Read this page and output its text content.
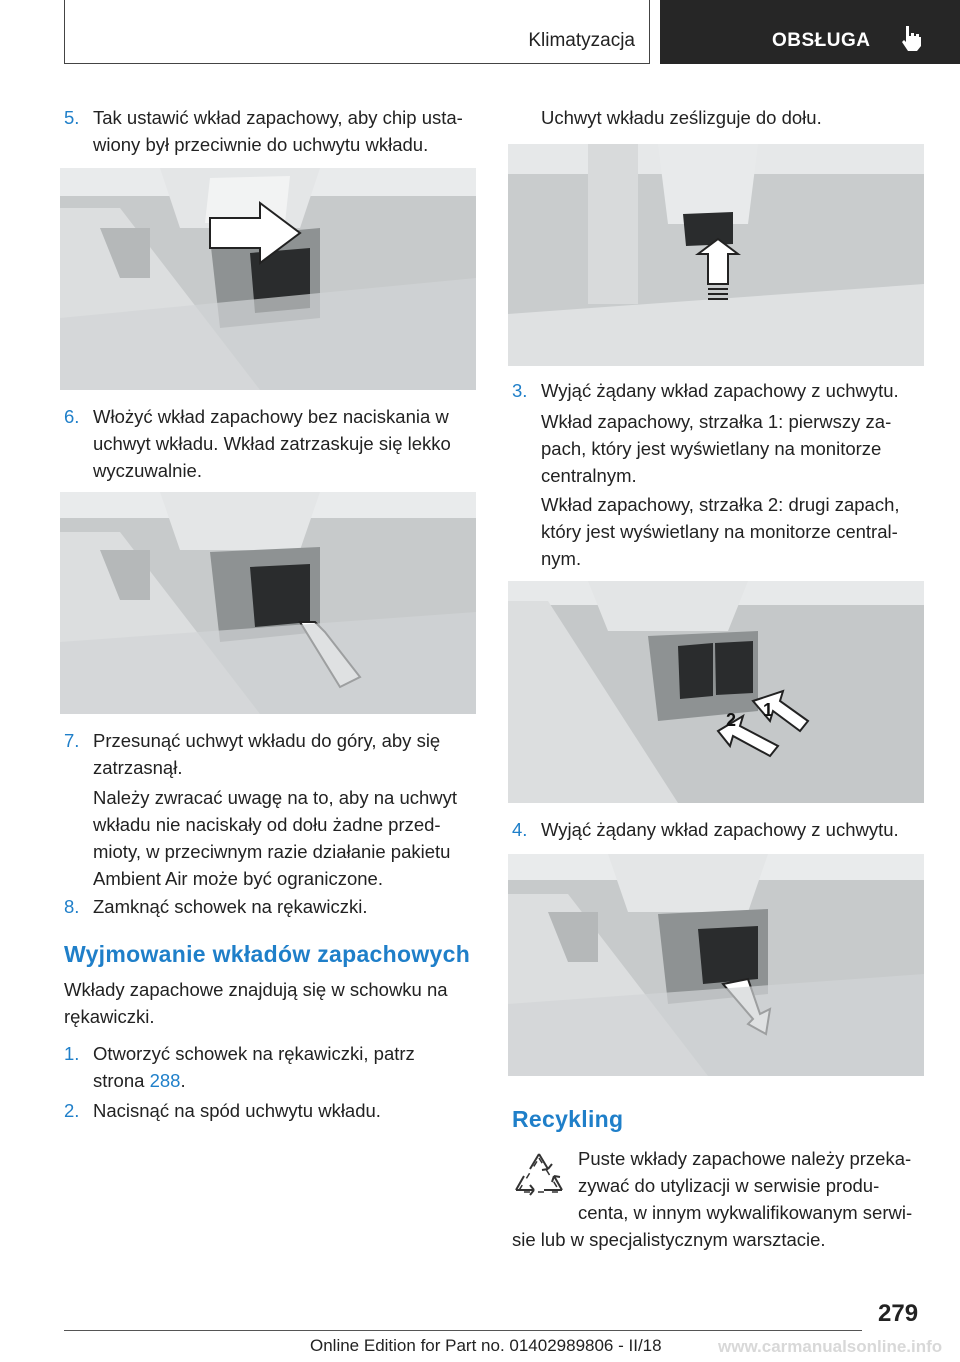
Klimatyzacja	OBSŁUGA
5. Tak ustawić wkład zapachowy, aby chip usta-
wiony był przeciwnie do uchwytu wkładu.
6. Włożyć wkład zapachowy bez naciskania w
uchwyt wkładu. Wkład zatrzaskuje się lekko
wyczuwalnie.
7. Przesunąć uchwyt wkładu do góry, aby się
zatrzasnął.
Należy zwracać uwagę na to, aby na uchwyt
wkładu nie naciskały od dołu żadne przed-
mioty, w przeciwnym razie działanie pakietu
Ambient Air może być ograniczone.
8. Zamknąć schowek na rękawiczki.
Wyjmowanie wkładów zapachowych
Wkłady zapachowe znajdują się w schowku na
rękawiczki.
1. Otworzyć schowek na rękawiczki, patrz
strona 288.
2. Nacisnąć na spód uchwytu wkładu.
Uchwyt wkładu ześlizguje do dołu.
3. Wyjąć żądany wkład zapachowy z uchwytu.
Wkład zapachowy, strzałka 1: pierwszy za-
pach, który jest wyświetlany na monitorze
centralnym.
Wkład zapachowy, strzałka 2: drugi zapach,
który jest wyświetlany na monitorze central-
nym.
2 1
4. Wyjąć żądany wkład zapachowy z uchwytu.
Recykling
Puste wkłady zapachowe należy przeka-
zywać do utylizacji w serwisie produ-
centa, w innym wykwalifikowanym serwi-
sie lub w specjalistycznym warsztacie.
279
Online Edition for Part no. 01402989806 - II/18	www.carmanualsonline.info
